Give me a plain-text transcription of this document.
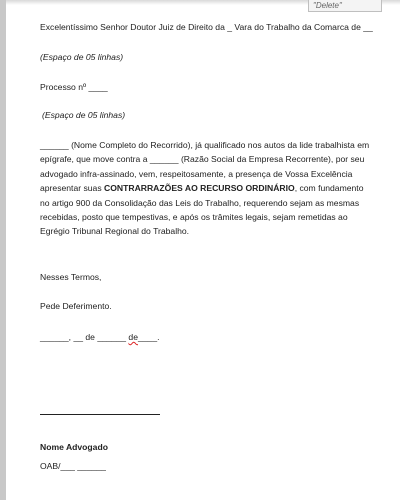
"Delete"
Excelentíssimo Senhor Doutor Juiz de Direito da _ Vara do Trabalho da Comarca de __
(Espaço de 05 linhas)
Processo nº ____
(Espaço de 05 linhas)

______ (Nome Completo do Recorrido), já qualificado nos autos da lide trabalhista em

epígrafe, que move contra a ______ (Razão Social da Empresa Recorrente), por seu

advogado infra-assinado, vem, respeitosamente, a presença de Vossa Excelência

apresentar suas CONTRARRAZÕES AO RECURSO ORDINÁRIO, com fundamento

no artigo 900 da Consolidação das Leis do Trabalho, requerendo sejam as mesmas

recebidas, posto que tempestivas, e após os trâmites legais, sejam remetidas ao

Egrégio Tribunal Regional do Trabalho.

Nesses Termos,
Pede Deferimento.
______, __ de ______ de____.
Nome Advogado
OAB/___ ______
